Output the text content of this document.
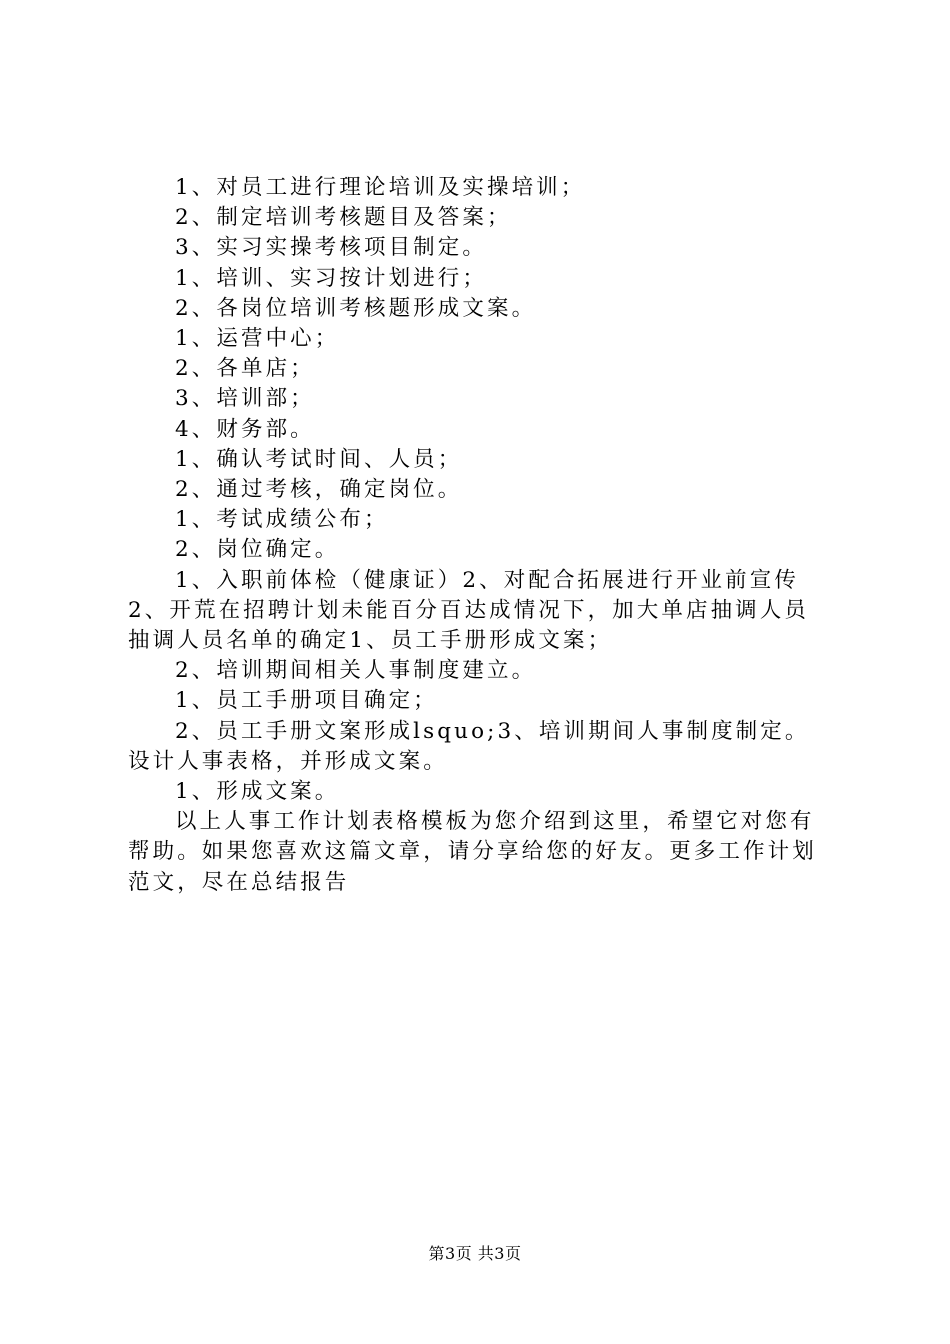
1、对员工进行理论培训及实操培训；

2、制定培训考核题目及答案；

3、实习实操考核项目制定。

1、培训、实习按计划进行；

2、各岗位培训考核题形成文案。

1、运营中心；

2、各单店；

3、培训部；

4、财务部。

1、确认考试时间、人员；

2、通过考核，确定岗位。

1、考试成绩公布；

2、岗位确定。

1、入职前体检（健康证）2、对配合拓展进行开业前宣传2、开荒在招聘计划未能百分百达成情况下，加大单店抽调人员抽调人员名单的确定1、员工手册形成文案；

2、培训期间相关人事制度建立。

1、员工手册项目确定；

2、员工手册文案形成lsquo;3、培训期间人事制度制定。设计人事表格，并形成文案。

1、形成文案。

以上人事工作计划表格模板为您介绍到这里，希望它对您有帮助。如果您喜欢这篇文章，请分享给您的好友。更多工作计划范文，尽在总结报告

第3页 共3页
